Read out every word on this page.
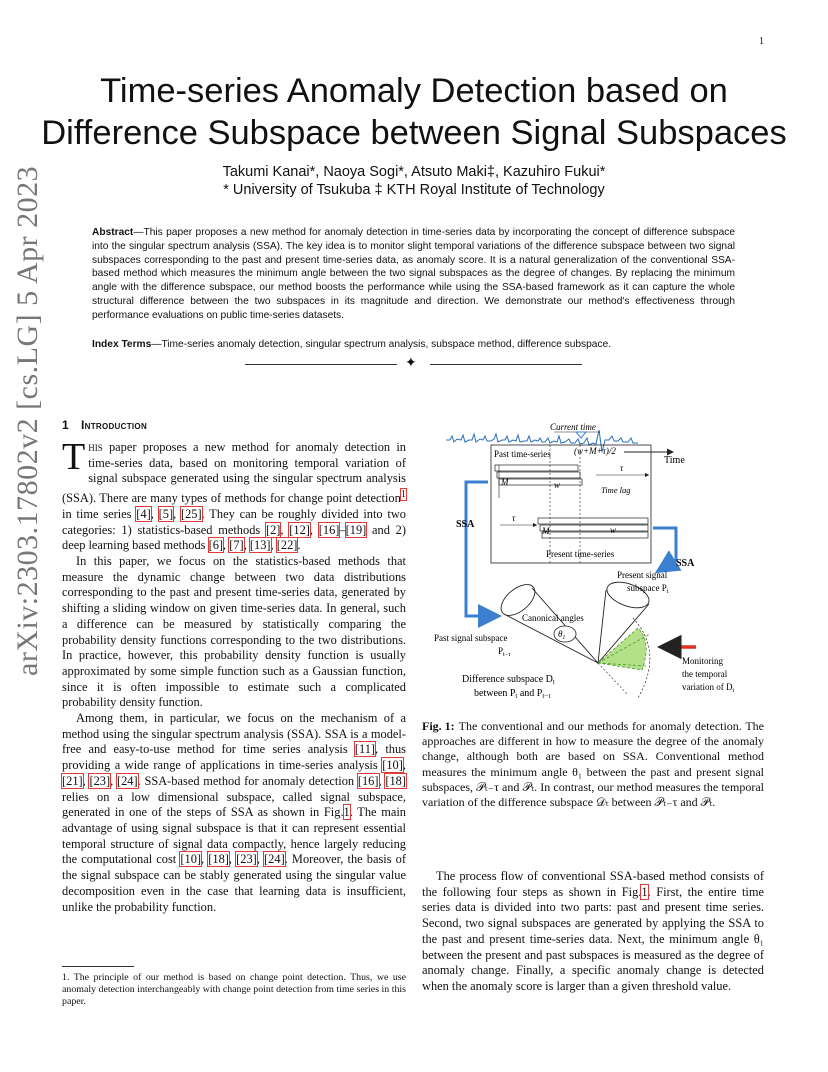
1
arXiv:2303.17802v2 [cs.LG] 5 Apr 2023
Time-series Anomaly Detection based on
Difference Subspace between Signal Subspaces
Takumi Kanai*, Naoya Sogi*, Atsuto Maki‡, Kazuhiro Fukui*
* University of Tsukuba ‡ KTH Royal Institute of Technology
Abstract—This paper proposes a new method for anomaly detection in time-series data by incorporating the concept of difference subspace into the singular spectrum analysis (SSA). The key idea is to monitor slight temporal variations of the difference subspace between two signal subspaces corresponding to the past and present time-series data, as anomaly score. It is a natural generalization of the conventional SSA-based method which measures the minimum angle between the two signal subspaces as the degree of changes. By replacing the minimum angle with the difference subspace, our method boosts the performance while using the SSA-based framework as it can capture the whole structural difference between the two subspaces in its magnitude and direction. We demonstrate our method's effectiveness through performance evaluations on public time-series datasets.
Index Terms—Time-series anomaly detection, singular spectrum analysis, subspace method, difference subspace.
✦
1 Introduction

This paper proposes a new method for anomaly detection in time-series data, based on monitoring temporal variation of signal subspace generated using the singular spectrum analysis (SSA). There are many types of methods for change point detection$^1$ in time series [4], [5], [25]. They can be roughly divided into two categories: 1) statistics-based methods [2], [12], [16]–[19] and 2) deep learning based methods [6], [7], [13], [22].

In this paper, we focus on the statistics-based methods that measure the dynamic change between two data distributions corresponding to the past and present time-series data, generated by shifting a sliding window on given time-series data. In general, such a difference can be measured by statistically comparing the probability density functions corresponding to the two distributions. In practice, however, this probability density function is usually approximated by some simple function such as a Gaussian function, since it is often impossible to estimate such a complicated probability density function.

Among them, in particular, we focus on the mechanism of a method using the singular spectrum analysis (SSA). SSA is a model-free and easy-to-use method for time series analysis [11], thus providing a wide range of applications in time-series analysis [10], [21], [23], [24]. SSA-based method for anomaly detection [16], [18] relies on a low dimensional subspace, called signal subspace, generated in one of the steps of SSA as shown in Fig.1. The main advantage of using signal subspace is that it can represent essential temporal structure of signal data compactly, hence largely reducing the computational cost [10], [18], [23], [24]. Moreover, the basis of the signal subspace can be stably generated using the singular value decomposition even in the case that learning data is insufficient, unlike the probability function.

1. The principle of our method is based on change point detection. Thus, we use anomaly detection interchangeably with change point detection from time series in this paper.
Current time
Time
Past time-series	(w+M+τ)/2
M	w
τ
Time lag
τ
M	w
Present time-series
SSA
SSA
Present signal
subspace $P_t$
Canonical angles
$\theta_1$
Past signal subspace
$P_{t-\tau}$
Monitoring
the temporal
variation of $D_t$
Difference subspace $D_t$
between $P_t$ and $P_{t-\tau}$
Fig. 1: The conventional and our methods for anomaly detection. The approaches are different in how to measure the degree of the anomaly change, although both are based on SSA. Conventional method measures the minimum angle θ₁ between the past and present signal subspaces, 𝒫ₜ₋τ and 𝒫ₜ. In contrast, our method measures the temporal variation of the difference subspace 𝒟ₜ between 𝒫ₜ₋τ and 𝒫ₜ.

The process flow of conventional SSA-based method consists of the following four steps as shown in Fig.1. First, the entire time series data is divided into two parts: past and present time series. Second, two signal subspaces are generated by applying the SSA to the past and present time-series data. Next, the minimum angle θ₁ between the present and past subspaces is measured as the degree of anomaly change. Finally, a specific anomaly change is detected when the anomaly score is larger than a given threshold value.
